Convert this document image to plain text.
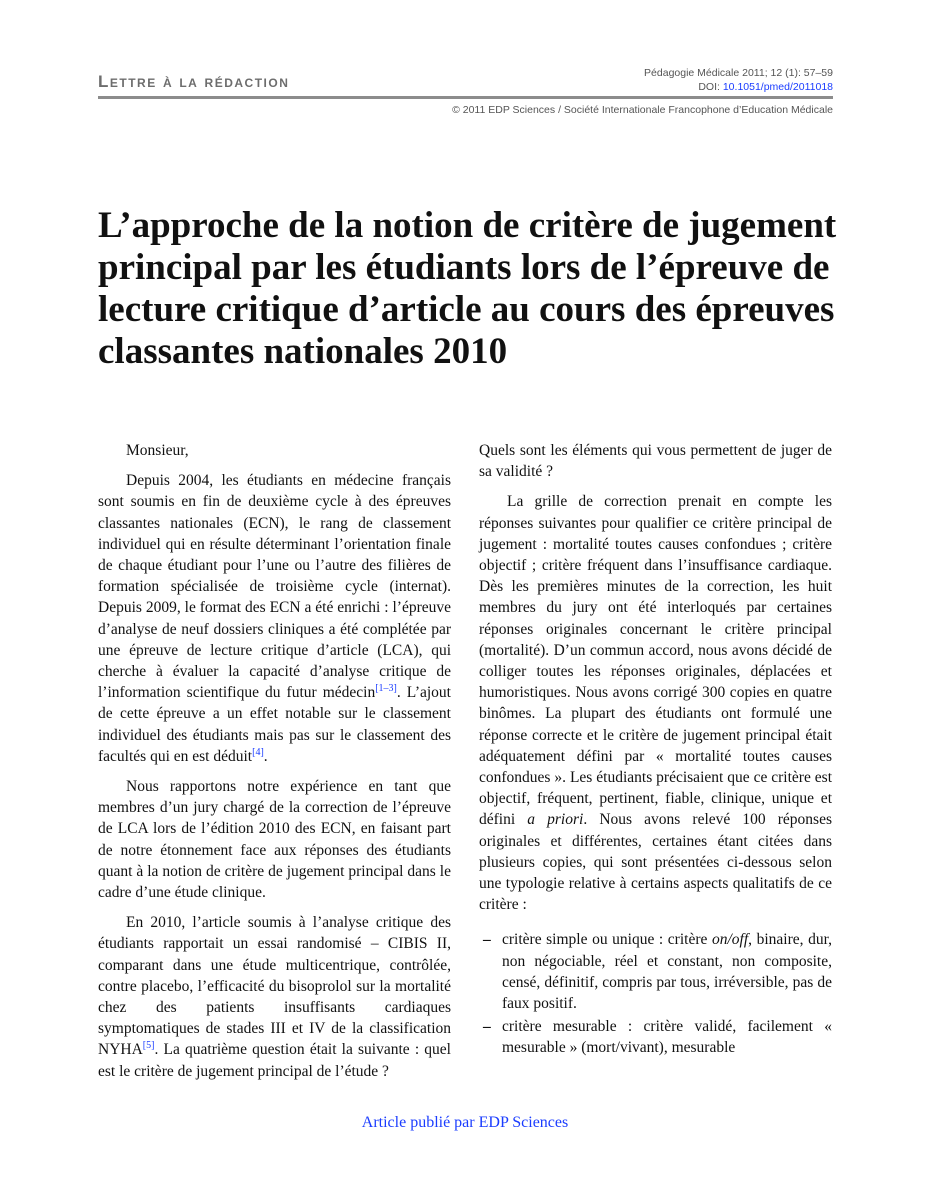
Lettre à la rédaction	Pédagogie Médicale 2011; 12 (1): 57–59
DOI: 10.1051/pmed/2011018
© 2011 EDP Sciences / Société Internationale Francophone d’Education Médicale
L’approche de la notion de critère de jugement principal par les étudiants lors de l’épreuve de lecture critique d’article au cours des épreuves classantes nationales 2010

Monsieur,

Depuis 2004, les étudiants en médecine français sont soumis en fin de deuxième cycle à des épreuves classantes nationales (ECN), le rang de classement individuel qui en résulte déterminant l’orientation finale de chaque étudiant pour l’une ou l’autre des filières de formation spécialisée de troisième cycle (internat). Depuis 2009, le format des ECN a été enrichi : l’épreuve d’analyse de neuf dossiers cliniques a été complétée par une épreuve de lecture critique d’article (LCA), qui cherche à évaluer la capacité d’analyse critique de l’information scientifique du futur médecin[1–3]. L’ajout de cette épreuve a un effet notable sur le classement individuel des étudiants mais pas sur le classement des facultés qui en est déduit[4].

Nous rapportons notre expérience en tant que membres d’un jury chargé de la correction de l’épreuve de LCA lors de l’édition 2010 des ECN, en faisant part de notre étonnement face aux réponses des étudiants quant à la notion de critère de jugement principal dans le cadre d’une étude clinique.

En 2010, l’article soumis à l’analyse critique des étudiants rapportait un essai randomisé – CIBIS II, comparant dans une étude multicentrique, contrôlée, contre placebo, l’efficacité du bisoprolol sur la mortalité chez des patients insuffisants cardiaques symptomatiques de stades III et IV de la classification NYHA[5]. La quatrième question était la suivante : quel est le critère de jugement principal de l’étude ?

Quels sont les éléments qui vous permettent de juger de sa validité ?

La grille de correction prenait en compte les réponses suivantes pour qualifier ce critère principal de jugement : mortalité toutes causes confondues ; critère objectif ; critère fréquent dans l’insuffisance cardiaque. Dès les premières minutes de la correction, les huit membres du jury ont été interloqués par certaines réponses originales concernant le critère principal (mortalité). D’un commun accord, nous avons décidé de colliger toutes les réponses originales, déplacées et humoristiques. Nous avons corrigé 300 copies en quatre binômes. La plupart des étudiants ont formulé une réponse correcte et le critère de jugement principal était adéquatement défini par « mortalité toutes causes confondues ». Les étudiants précisaient que ce critère est objectif, fréquent, pertinent, fiable, clinique, unique et défini a priori. Nous avons relevé 100 réponses originales et différentes, certaines étant citées dans plusieurs copies, qui sont présentées ci-dessous selon une typologie relative à certains aspects qualitatifs de ce critère :

– critère simple ou unique : critère on/off, binaire, dur, non négociable, réel et constant, non composite, censé, définitif, compris par tous, irréversible, pas de faux positif.
– critère mesurable : critère validé, facilement « mesurable » (mort/vivant), mesurable
Article publié par EDP Sciences
